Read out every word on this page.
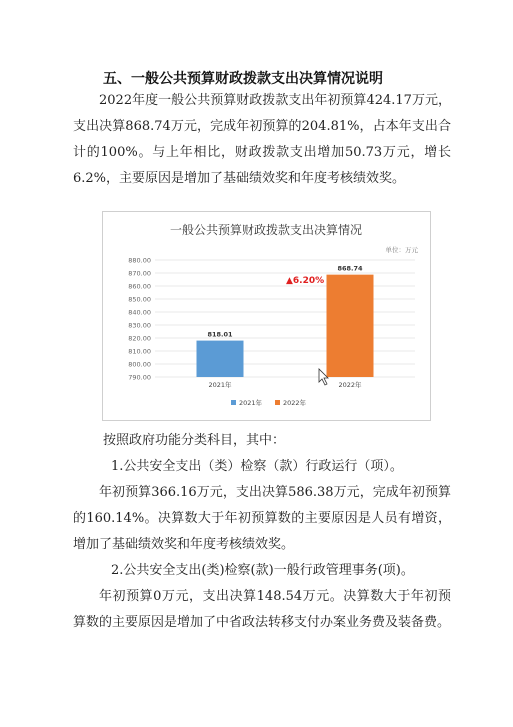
五、一般公共预算财政拨款支出决算情况说明
2022年度一般公共预算财政拨款支出年初预算424.17万元，支出决算868.74万元，完成年初预算的204.81%，占本年支出合计的100%。与上年相比，财政拨款支出增加50.73万元，增长6.2%，主要原因是增加了基础绩效奖和年度考核绩效奖。
一般公共预算财政拨款支出决算情况
单位：万元
790.00
800.00
810.00
820.00
830.00
840.00
850.00
860.00
870.00
880.00
818.01
868.74
2021年	2022年
▲6.20%
2021年	2022年
按照政府功能分类科目，其中：
1.公共安全支出（类）检察（款）行政运行（项）。
年初预算366.16万元，支出决算586.38万元，完成年初预算的160.14%。决算数大于年初预算数的主要原因是人员有增资，增加了基础绩效奖和年度考核绩效奖。
2.公共安全支出(类)检察(款)一般行政管理事务(项)。
年初预算0万元，支出决算148.54万元。决算数大于年初预算数的主要原因是增加了中省政法转移支付办案业务费及装备费。
